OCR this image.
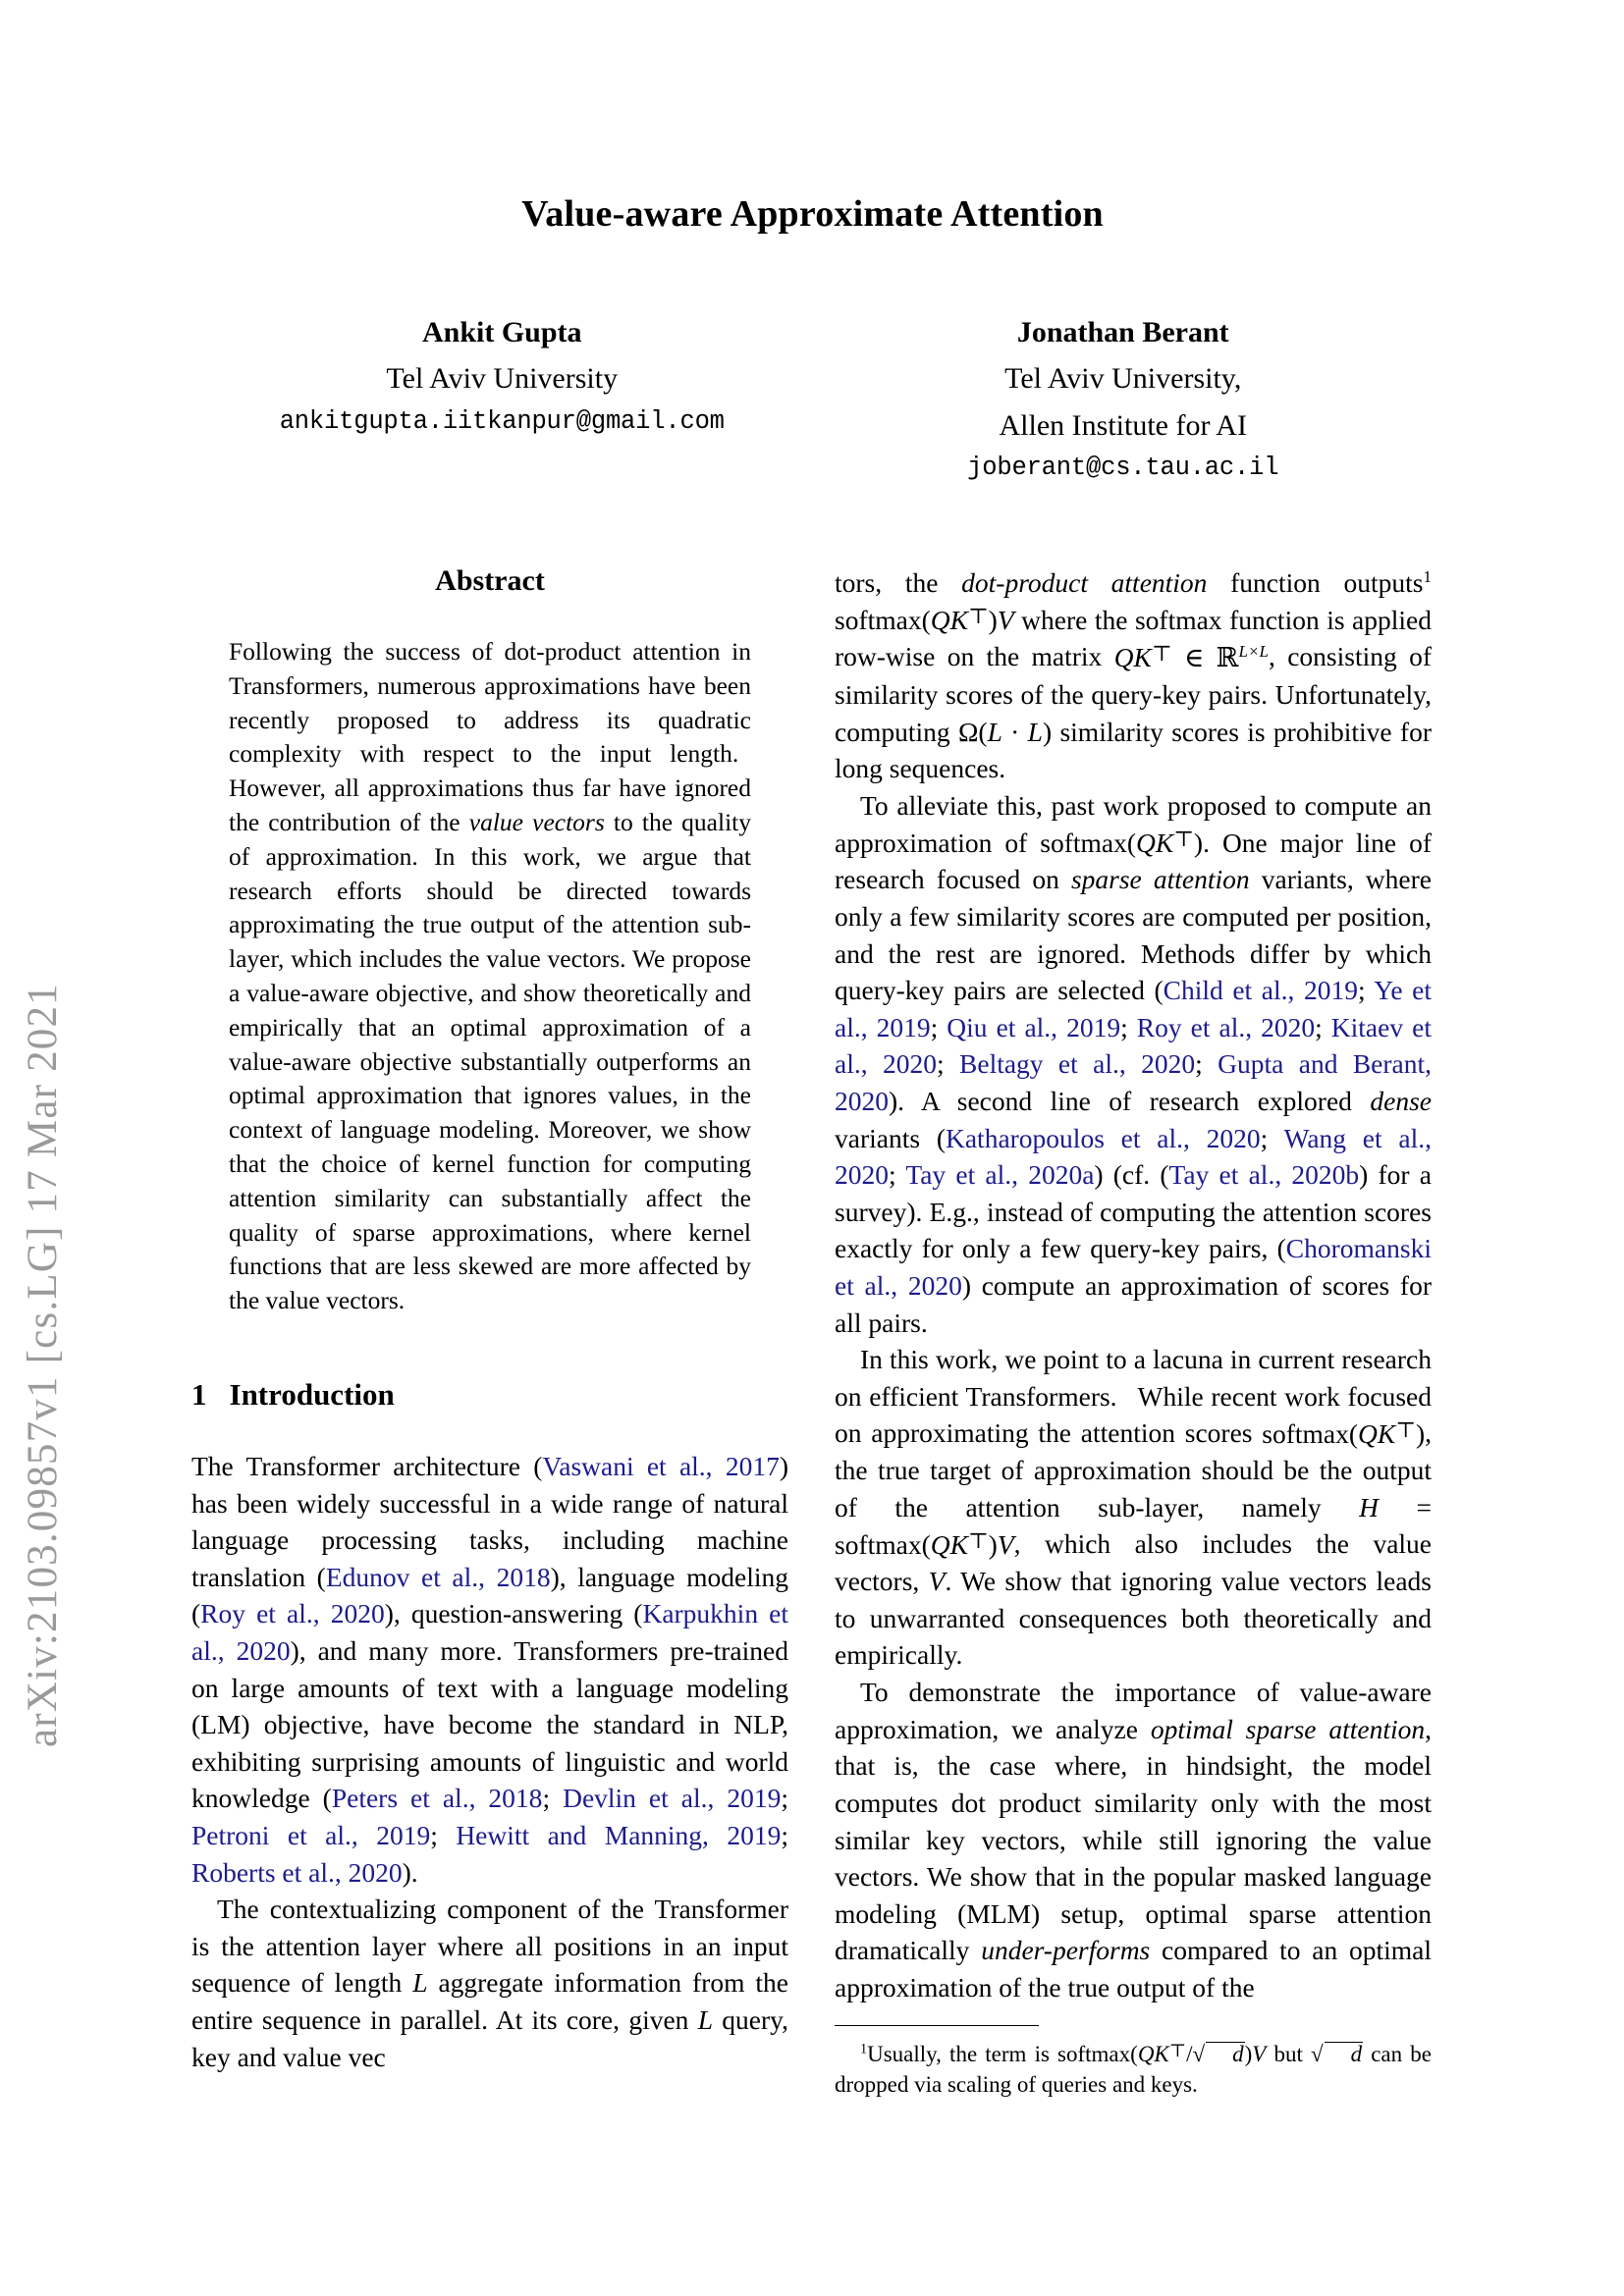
arXiv:2103.09857v1 [cs.LG] 17 Mar 2021
Value-aware Approximate Attention
Ankit Gupta
Tel Aviv University
ankitgupta.iitkanpur@gmail.com
Jonathan Berant
Tel Aviv University,
Allen Institute for AI
joberant@cs.tau.ac.il
Abstract
Following the success of dot-product attention in Transformers, numerous approximations have been recently proposed to address its quadratic complexity with respect to the input length.  However, all approximations thus far have ignored the contribution of the value vectors to the quality of approximation. In this work, we argue that research efforts should be directed towards approximating the true output of the attention sub-layer, which includes the value vectors. We propose a value-aware objective, and show theoretically and empirically that an optimal approximation of a value-aware objective substantially outperforms an optimal approximation that ignores values, in the context of language modeling. Moreover, we show that the choice of kernel function for computing attention similarity can substantially affect the quality of sparse approximations, where kernel functions that are less skewed are more affected by the value vectors.
1 Introduction

The Transformer architecture (Vaswani et al., 2017) has been widely successful in a wide range of natural language processing tasks, including machine translation (Edunov et al., 2018), language modeling (Roy et al., 2020), question-answering (Karpukhin et al., 2020), and many more. Transformers pre-trained on large amounts of text with a language modeling (LM) objective, have become the standard in NLP, exhibiting surprising amounts of linguistic and world knowledge (Peters et al., 2018; Devlin et al., 2019; Petroni et al., 2019; Hewitt and Manning, 2019; Roberts et al., 2020).

The contextualizing component of the Transformer is the attention layer where all positions in an input sequence of length L aggregate information from the entire sequence in parallel. At its core, given L query, key and value vec

tors, the dot-product attention function outputs$^1$ softmax(QK⊤)V where the softmax function is applied row-wise on the matrix QK⊤ ∈ ℝ$^{L\times L}$, consisting of similarity scores of the query-key pairs. Unfortunately, computing Ω(L · L) similarity scores is prohibitive for long sequences.

To alleviate this, past work proposed to compute an approximation of softmax(QK⊤). One major line of research focused on sparse attention variants, where only a few similarity scores are computed per position, and the rest are ignored. Methods differ by which query-key pairs are selected (Child et al., 2019; Ye et al., 2019; Qiu et al., 2019; Roy et al., 2020; Kitaev et al., 2020; Beltagy et al., 2020; Gupta and Berant, 2020). A second line of research explored dense variants (Katharopoulos et al., 2020; Wang et al., 2020; Tay et al., 2020a) (cf. (Tay et al., 2020b) for a survey). E.g., instead of computing the attention scores exactly for only a few query-key pairs, (Choromanski et al., 2020) compute an approximation of scores for all pairs.

In this work, we point to a lacuna in current research on efficient Transformers.  While recent work focused on approximating the attention scores softmax(QK⊤), the true target of approximation should be the output of the attention sub-layer, namely H = softmax(QK⊤)V, which also includes the value vectors, V. We show that ignoring value vectors leads to unwarranted consequences both theoretically and empirically.

To demonstrate the importance of value-aware approximation, we analyze optimal sparse attention, that is, the case where, in hindsight, the model computes dot product similarity only with the most similar key vectors, while still ignoring the value vectors. We show that in the popular masked language modeling (MLM) setup, optimal sparse attention dramatically under-performs compared to an optimal approximation of the true output of the

$^1$Usually, the term is softmax(QK⊤/√ d)V but √ d can be dropped via scaling of queries and keys.
